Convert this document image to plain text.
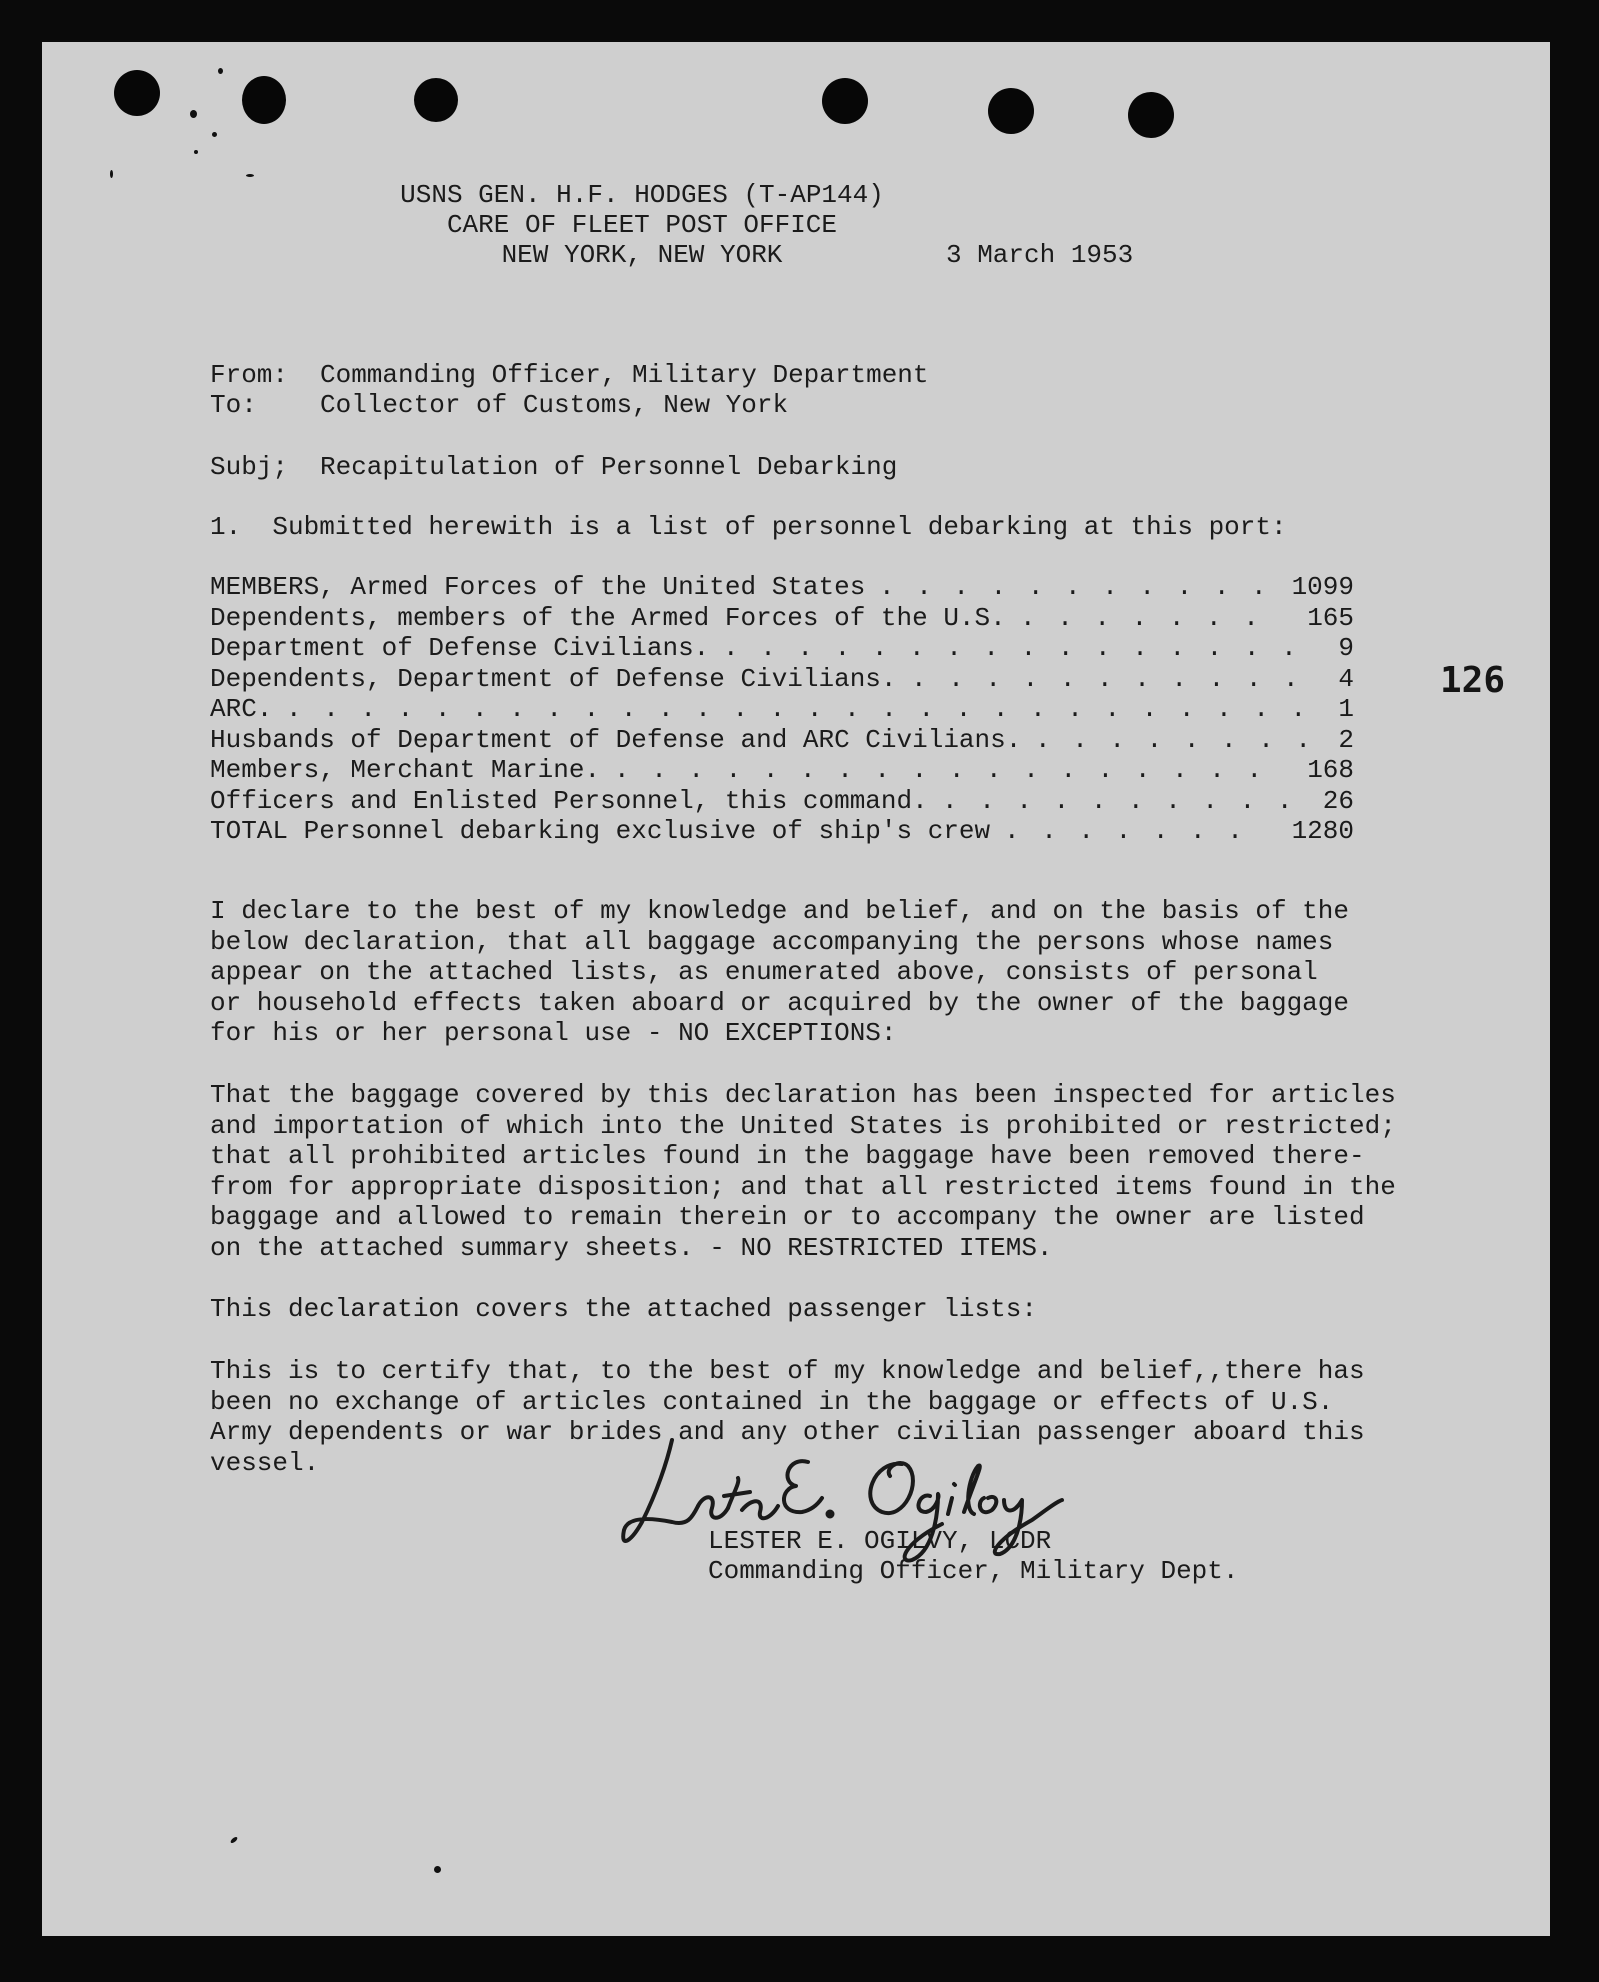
USNS GEN. H.F. HODGES (T-AP144)
CARE OF FLEET POST OFFICE
NEW YORK, NEW YORK	3 March 1953
126
From: Commanding Officer, Military Department
To: Collector of Customs, New York
Subj; Recapitulation of Personnel Debarking
1.  Submitted herewith is a list of personnel debarking at this port:
MEMBERS, Armed Forces of the United States . . . . . . . . . . . 1099
Dependents, members of the Armed Forces of the U.S. . . . . . . . 165
Department of Defense Civilians. . . . . . . . . . . . . . . . . 9
Dependents, Department of Defense Civilians. . . . . . . . . . . . 4
ARC. . . . . . . . . . . . . . . . . . . . . . . . . . . . . 1
Husbands of Department of Defense and ARC Civilians. . . . . . . . . 2
Members, Merchant Marine. . . . . . . . . . . . . . . . . . . 168
Officers and Enlisted Personnel, this command. . . . . . . . . . . 26
TOTAL Personnel debarking exclusive of ship's crew . . . . . . . 1280
I declare to the best of my knowledge and belief, and on the basis of the
below declaration, that all baggage accompanying the persons whose names
appear on the attached lists, as enumerated above, consists of personal
or household effects taken aboard or acquired by the owner of the baggage
for his or her personal use - NO EXCEPTIONS:
That the baggage covered by this declaration has been inspected for articles
and importation of which into the United States is prohibited or restricted;
that all prohibited articles found in the baggage have been removed there-
from for appropriate disposition; and that all restricted items found in the
baggage and allowed to remain therein or to accompany the owner are listed
on the attached summary sheets. - NO RESTRICTED ITEMS.
This declaration covers the attached passenger lists:
This is to certify that, to the best of my knowledge and belief,,there has
been no exchange of articles contained in the baggage or effects of U.S.
Army dependents or war brides and any other civilian passenger aboard this
vessel.
LESTER E. OGILVY, LCDR
Commanding Officer, Military Dept.
